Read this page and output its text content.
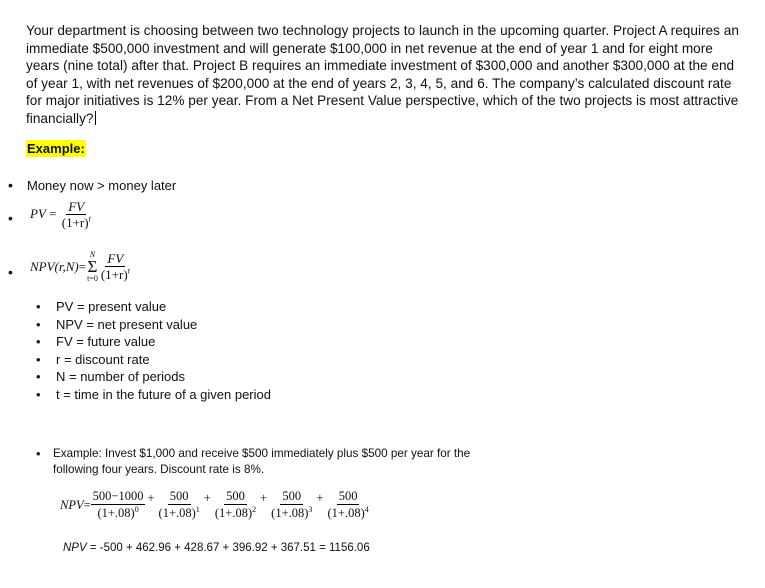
Your department is choosing between two technology projects to launch in the upcoming quarter. Project A requires an immediate $500,000 investment and will generate $100,000 in net revenue at the end of year 1 and for eight more years (nine total) after that. Project B requires an immediate investment of $300,000 and another $300,000 at the end of year 1, with net revenues of $200,000 at the end of years 2, 3, 4, 5, and 6. The company’s calculated discount rate for major initiatives is 12% per year. From a Net Present Value perspective, which of the two projects is most attractive financially?
Example:
•
Money now > money later
•
PV = $\frac{FV}{(1+r)^t}$
•
NPV(r,N) =
N
Σ
$t=0 \frac{FV}{(1+r)^t}$
•
PV = present value
•
NPV = net present value
•
FV = future value
•
r = discount rate
•
N = number of periods
•
t = time in the future of a given period
•
Example: Invest $1,000 and receive $500 immediately plus $500 per year for the following four years. Discount rate is 8%.
NPV = $\frac{500-1000}{(1+.08)^0} + \frac{500}{(1+.08)^1} + \frac{500}{(1+.08)^2} + \frac{500}{(1+.08)^3} + \frac{500}{(1+.08)^4}$
NPV = -500 + 462.96 + 428.67 + 396.92 + 367.51 = 1156.06
